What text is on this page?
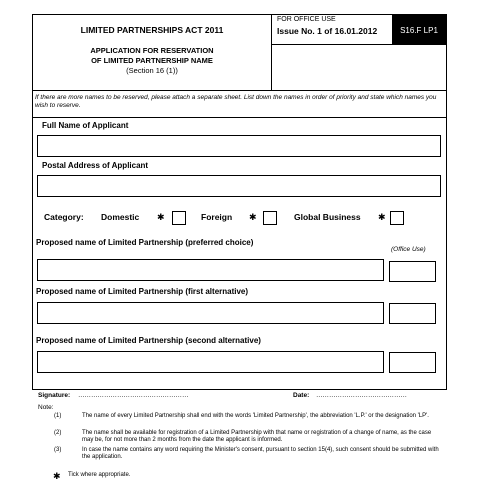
LIMITED PARTNERSHIPS ACT 2011
APPLICATION FOR RESERVATION
OF LIMITED PARTNERSHIP NAME
(Section 16 (1))
FOR OFFICE USE
Issue No. 1 of 16.01.2012	S16.F LP1
If there are more names to be reserved, please attach a separate sheet. List down the names in order of priority and state which names you wish to reserve.
Full Name of Applicant
Postal Address of Applicant
Category: Domestic ✱	Foreign ✱	Global Business ✱
Proposed name of Limited Partnership (preferred choice)
(Office Use)
Proposed name of Limited Partnership (first alternative)
Proposed name of Limited Partnership (second alternative)
Signature: ……………………………………………	Date: ……………………………………
Note:
(1)	The name of every Limited Partnership shall end with the words 'Limited Partnership', the abbreviation 'L.P.' or the designation 'LP'.
(2)	The name shall be available for registration of a Limited Partnership with that name or registration of a change of name, as the case may be, for not more than 2 months from the date the applicant is informed.
(3)	In case the name contains any word requiring the Minister's consent, pursuant to section 15(4), such consent should be submitted with the application.
✱ Tick where appropriate.
